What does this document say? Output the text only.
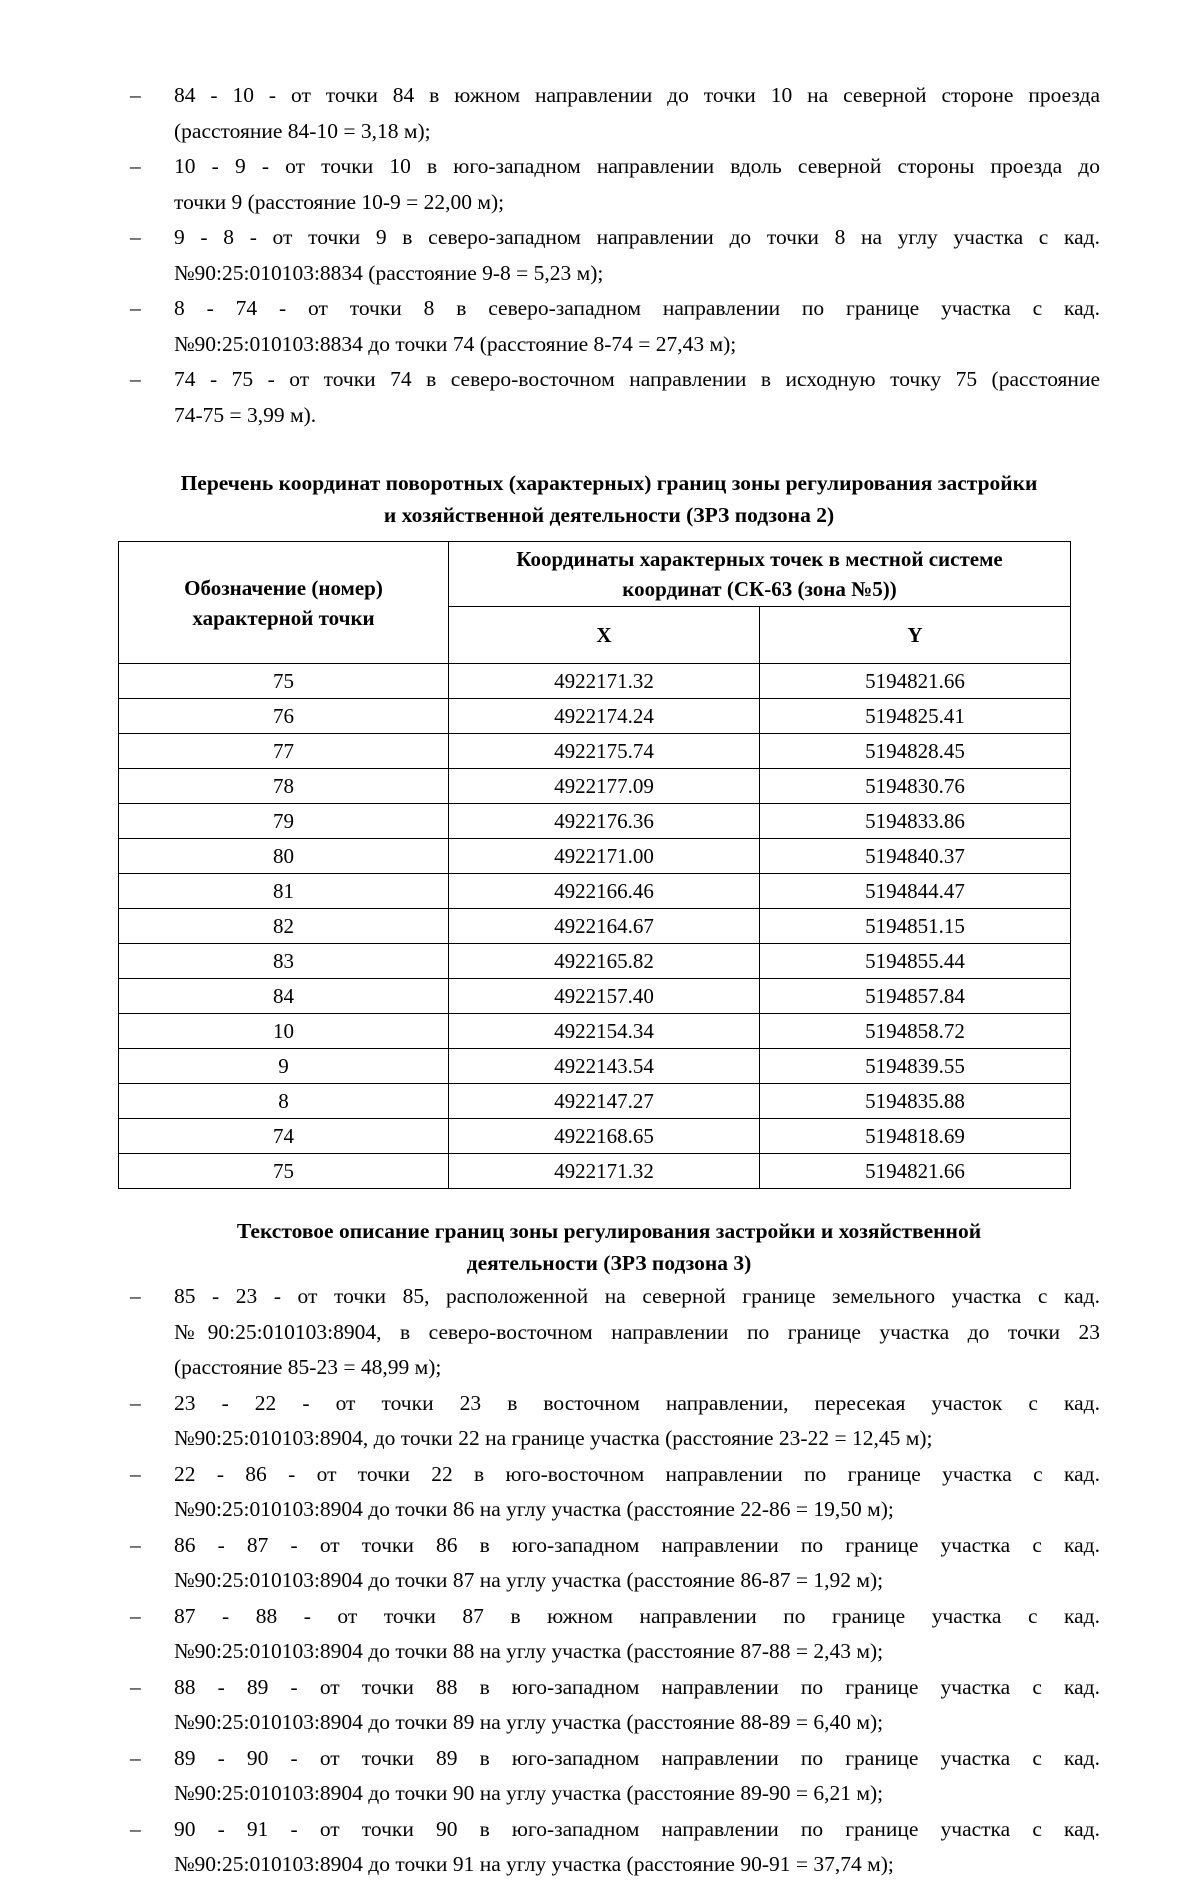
– 84 - 10 - от точки 84 в южном направлении до точки 10 на северной стороне проезда
(расстояние 84-10 = 3,18 м);
– 10 - 9 - от точки 10 в юго-западном направлении вдоль северной стороны проезда до
точки 9 (расстояние 10-9 = 22,00 м);
– 9 - 8 - от точки 9 в северо-западном направлении до точки 8 на углу участка с кад.
№90:25:010103:8834 (расстояние 9-8 = 5,23 м);
– 8 - 74 - от точки 8 в северо-западном направлении по границе участка с кад.
№90:25:010103:8834 до точки 74 (расстояние 8-74 = 27,43 м);
– 74 - 75 - от точки 74 в северо-восточном направлении в исходную точку 75 (расстояние
74-75 = 3,99 м).

Перечень координат поворотных (характерных) границ зоны регулирования застройки
и хозяйственной деятельности (ЗРЗ подзона 2)

Обозначение (номер)
характерной точки	Координаты характерных точек в местной системе
координат (СК-63 (зона №5))	

	X	Y
75	4922171.32	5194821.66
76	4922174.24	5194825.41
77	4922175.74	5194828.45
78	4922177.09	5194830.76
79	4922176.36	5194833.86
80	4922171.00	5194840.37
81	4922166.46	5194844.47
82	4922164.67	5194851.15
83	4922165.82	5194855.44
84	4922157.40	5194857.84
10	4922154.34	5194858.72
9	4922143.54	5194839.55
8	4922147.27	5194835.88
74	4922168.65	5194818.69
75	4922171.32	5194821.66

Текстовое описание границ зоны регулирования застройки и хозяйственной
деятельности (ЗРЗ подзона 3)

– 85 - 23 - от точки 85, расположенной на северной границе земельного участка с кад.
№90:25:010103:8904, в северо-восточном направлении по границе участка до точки 23
(расстояние 85-23 = 48,99 м);
– 23 - 22 - от точки 23 в восточном направлении, пересекая участок с кад.
№90:25:010103:8904, до точки 22 на границе участка (расстояние 23-22 = 12,45 м);
– 22 - 86 - от точки 22 в юго-восточном направлении по границе участка с кад.
№90:25:010103:8904 до точки 86 на углу участка (расстояние 22-86 = 19,50 м);
– 86 - 87 - от точки 86 в юго-западном направлении по границе участка с кад.
№90:25:010103:8904 до точки 87 на углу участка (расстояние 86-87 = 1,92 м);
– 87 - 88 - от точки 87 в южном направлении по границе участка с кад.
№90:25:010103:8904 до точки 88 на углу участка (расстояние 87-88 = 2,43 м);
– 88 - 89 - от точки 88 в юго-западном направлении по границе участка с кад.
№90:25:010103:8904 до точки 89 на углу участка (расстояние 88-89 = 6,40 м);
– 89 - 90 - от точки 89 в юго-западном направлении по границе участка с кад.
№90:25:010103:8904 до точки 90 на углу участка (расстояние 89-90 = 6,21 м);
– 90 - 91 - от точки 90 в юго-западном направлении по границе участка с кад.
№90:25:010103:8904 до точки 91 на углу участка (расстояние 90-91 = 37,74 м);
